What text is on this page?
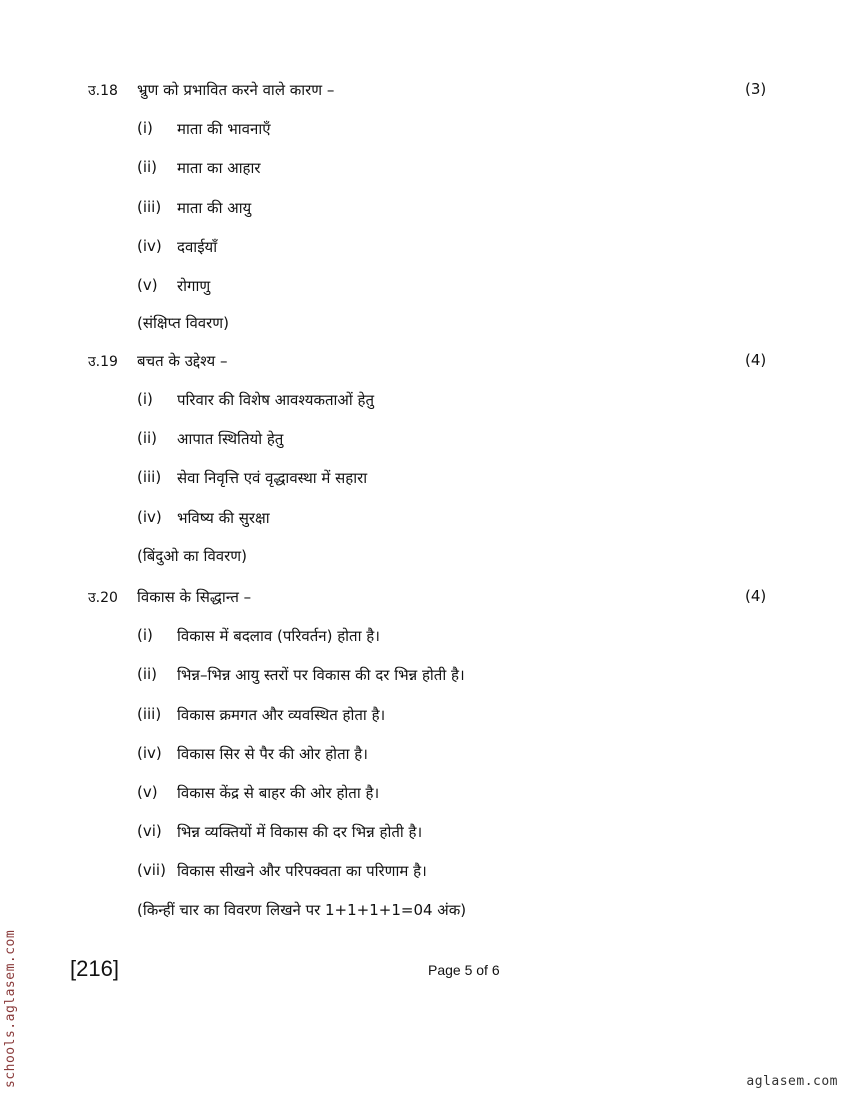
उ.18 भ्रुण को प्रभावित करने वाले कारण –	(3)
(i) माता की भावनाएँ
(ii) माता का आहार
(iii) माता की आयु
(iv) दवाईयाँ
(v) रोगाणु
(संक्षिप्त विवरण)
उ.19 बचत के उद्देश्य –	(4)
(i) परिवार की विशेष आवश्यकताओं हेतु
(ii) आपात स्थितियो हेतु
(iii) सेवा निवृत्ति एवं वृद्धावस्था में सहारा
(iv) भविष्य की सुरक्षा
(बिंदुओ का विवरण)
उ.20 विकास के सिद्धान्त –	(4)
(i) विकास में बदलाव (परिवर्तन) होता है।
(ii) भिन्न–भिन्न आयु स्तरों पर विकास की दर भिन्न होती है।
(iii) विकास क्रमगत और व्यवस्थित होता है।
(iv) विकास सिर से पैर की ओर होता है।
(v) विकास केंद्र से बाहर की ओर होता है।
(vi) भिन्न व्यक्तियों में विकास की दर भिन्न होती है।
(vii) विकास सीखने और परिपक्वता का परिणाम है।
(किन्हीं चार का विवरण लिखने पर 1+1+1+1=04 अंक)
[216]	Page 5 of 6
schools.aglasem.com	aglasem.com
